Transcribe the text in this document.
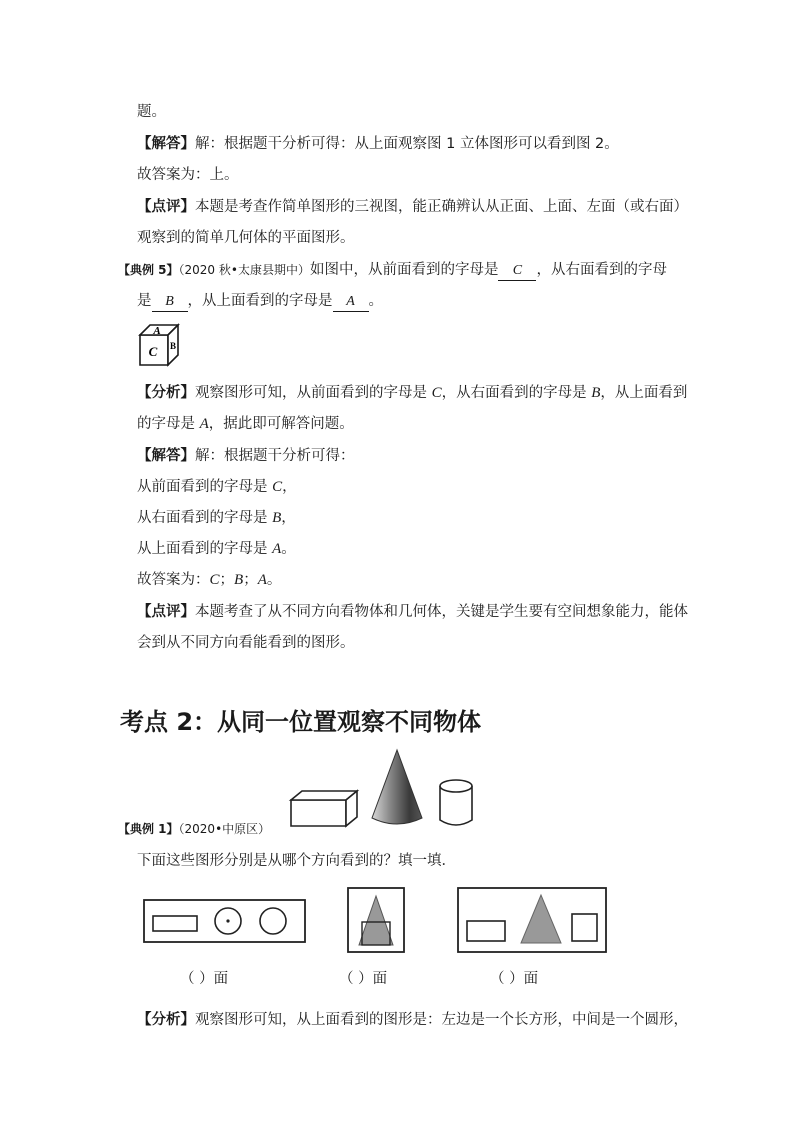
题。
【解答】解：根据题干分析可得：从上面观察图 1 立体图形可以看到图 2。
故答案为：上。
【点评】本题是考查作简单图形的三视图，能正确辨认从正面、上面、左面（或右面）
观察到的简单几何体的平面图形。
【典例 5】（2020 秋•太康县期中）如图中，从前面看到的字母是 C ，从右面看到的字母
是 B ，从上面看到的字母是 A 。
A
C B
【分析】观察图形可知，从前面看到的字母是 C，从右面看到的字母是 B，从上面看到
的字母是 A，据此即可解答问题。
【解答】解：根据题干分析可得：
从前面看到的字母是 C，
从右面看到的字母是 B，
从上面看到的字母是 A。
故答案为：C；B；A。
【点评】本题考查了从不同方向看物体和几何体，关键是学生要有空间想象能力，能体
会到从不同方向看能看到的图形。
考点 2：从同一位置观察不同物体
【典例 1】（2020•中原区）
下面这些图形分别是从哪个方向看到的？填一填．
（ ）面	（ ）面	（ ）面
【分析】观察图形可知，从上面看到的图形是：左边是一个长方形，中间是一个圆形，
